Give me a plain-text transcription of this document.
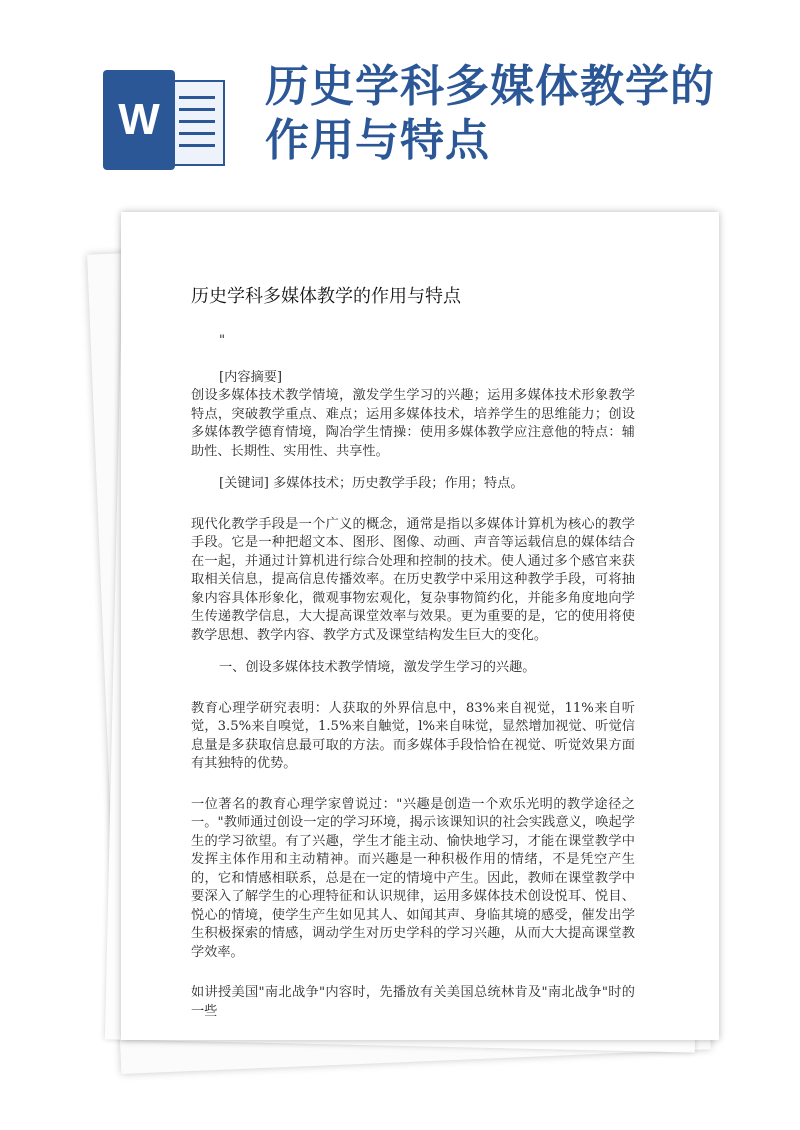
W
历史学科多媒体教学的作用与特点
历史学科多媒体教学的作用与特点
"

[内容摘要]

创设多媒体技术教学情境，激发学生学习的兴趣；运用多媒体技术形象教学特点，突破教学重点、难点；运用多媒体技术，培养学生的思维能力；创设多媒体教学德育情境，陶冶学生情操：使用多媒体教学应注意他的特点：辅助性、长期性、实用性、共享性。

[关键词] 多媒体技术；历史教学手段；作用；特点。

现代化教学手段是一个广义的概念，通常是指以多媒体计算机为核心的教学手段。它是一种把超文本、图形、图像、动画、声音等运载信息的媒体结合在一起，并通过计算机进行综合处理和控制的技术。使人通过多个感官来获取相关信息，提高信息传播效率。在历史教学中采用这种教学手段，可将抽象内容具体形象化，微观事物宏观化，复杂事物简约化，并能多角度地向学生传递教学信息，大大提高课堂效率与效果。更为重要的是，它的使用将使教学思想、教学内容、教学方式及课堂结构发生巨大的变化。

一、创设多媒体技术教学情境，激发学生学习的兴趣。

教育心理学研究表明：人获取的外界信息中，83%来自视觉，11%来自听觉，3.5%来自嗅觉，1.5%来自触觉，l%来自味觉，显然增加视觉、听觉信息量是多获取信息最可取的方法。而多媒体手段恰恰在视觉、听觉效果方面有其独特的优势。

一位著名的教育心理学家曾说过："兴趣是创造一个欢乐光明的教学途径之一。"教师通过创设一定的学习环境，揭示该课知识的社会实践意义，唤起学生的学习欲望。有了兴趣，学生才能主动、愉快地学习，才能在课堂教学中发挥主体作用和主动精神。而兴趣是一种积极作用的情绪，不是凭空产生的，它和情感相联系，总是在一定的情境中产生。因此，教师在课堂教学中要深入了解学生的心理特征和认识规律，运用多媒体技术创设悦耳、悦目、悦心的情境，使学生产生如见其人、如闻其声、身临其境的感受，催发出学生积极探索的情感，调动学生对历史学科的学习兴趣，从而大大提高课堂教学效率。

如讲授美国"南北战争"内容时，先播放有关美国总统林肯及"南北战争"时的一些
